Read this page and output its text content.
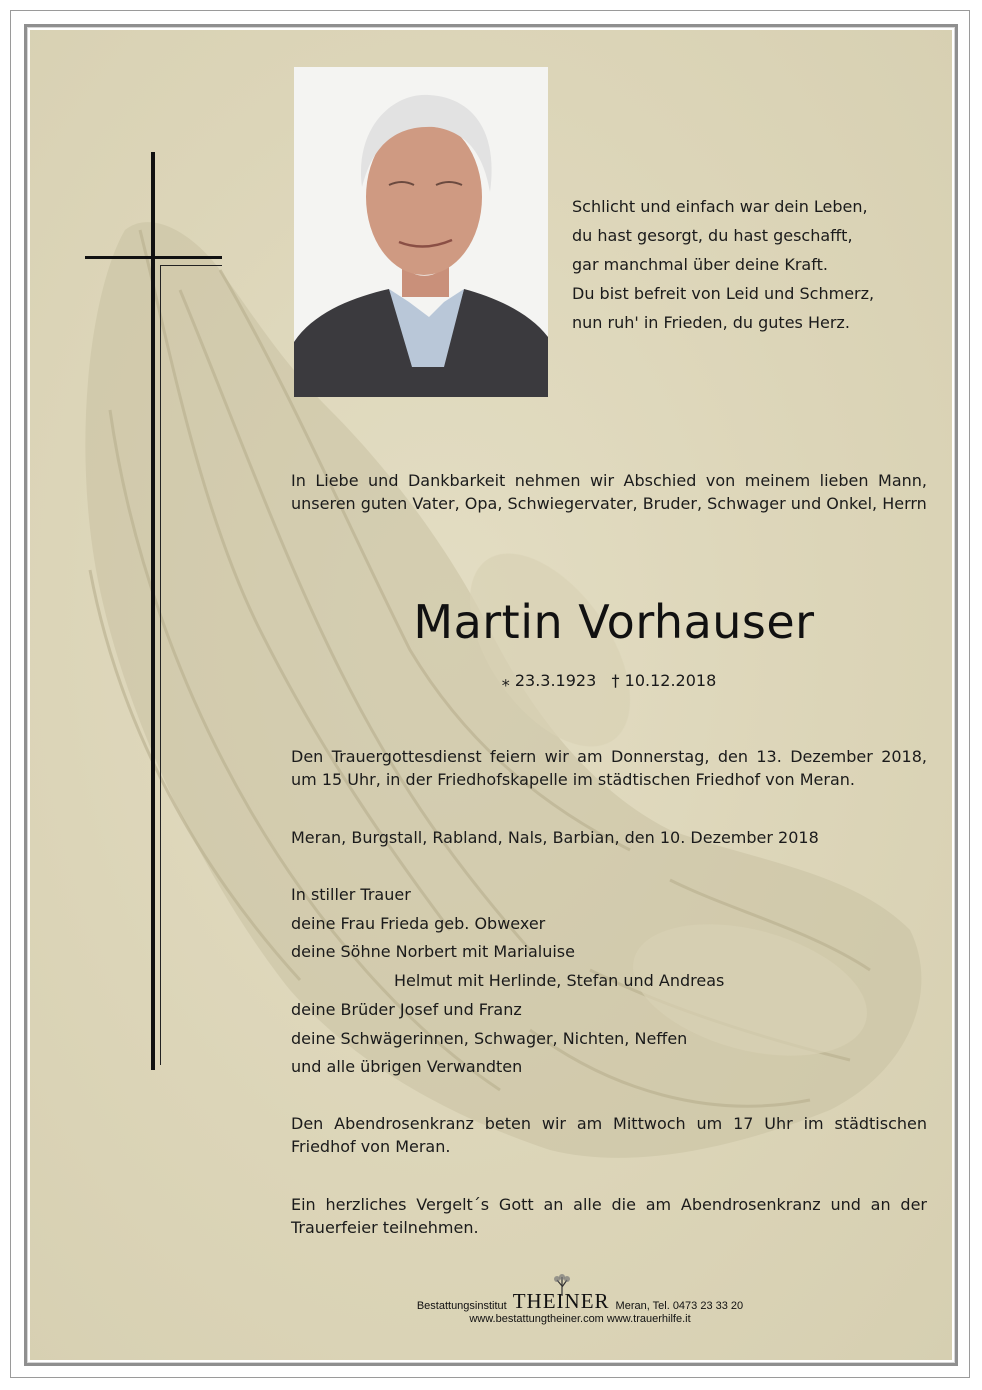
Schlicht und einfach war dein Leben,
du hast gesorgt, du hast geschafft,
gar manchmal über deine Kraft.
Du bist befreit von Leid und Schmerz,
nun ruh' in Frieden, du gutes Herz.
In Liebe und Dankbarkeit nehmen wir Abschied von meinem lieben Mann, unseren guten Vater, Opa, Schwiegervater, Bruder, Schwager und Onkel, Herrn
Martin Vorhauser
⁎ 23.3.1923 † 10.12.2018
Den Trauergottesdienst feiern wir am Donnerstag, den 13. Dezember 2018, um 15 Uhr, in der Friedhofskapelle im städtischen Friedhof von Meran.
Meran, Burgstall, Rabland, Nals, Barbian, den 10. Dezember 2018
In stiller Trauer
deine Frau Frieda geb. Obwexer
deine Söhne Norbert mit Marialuise
Helmut mit Herlinde, Stefan und Andreas
deine Brüder Josef und Franz
deine Schwägerinnen, Schwager, Nichten, Neffen
und alle übrigen Verwandten
Den Abendrosenkranz beten wir am Mittwoch um 17 Uhr im städtischen Friedhof von Meran.
Ein herzliches Vergelt´s Gott an alle die am Abendrosenkranz und an der Trauerfeier teilnehmen.
Bestattungsinstitut THEINER Meran, Tel. 0473 23 33 20
www.bestattungtheiner.com www.trauerhilfe.it
